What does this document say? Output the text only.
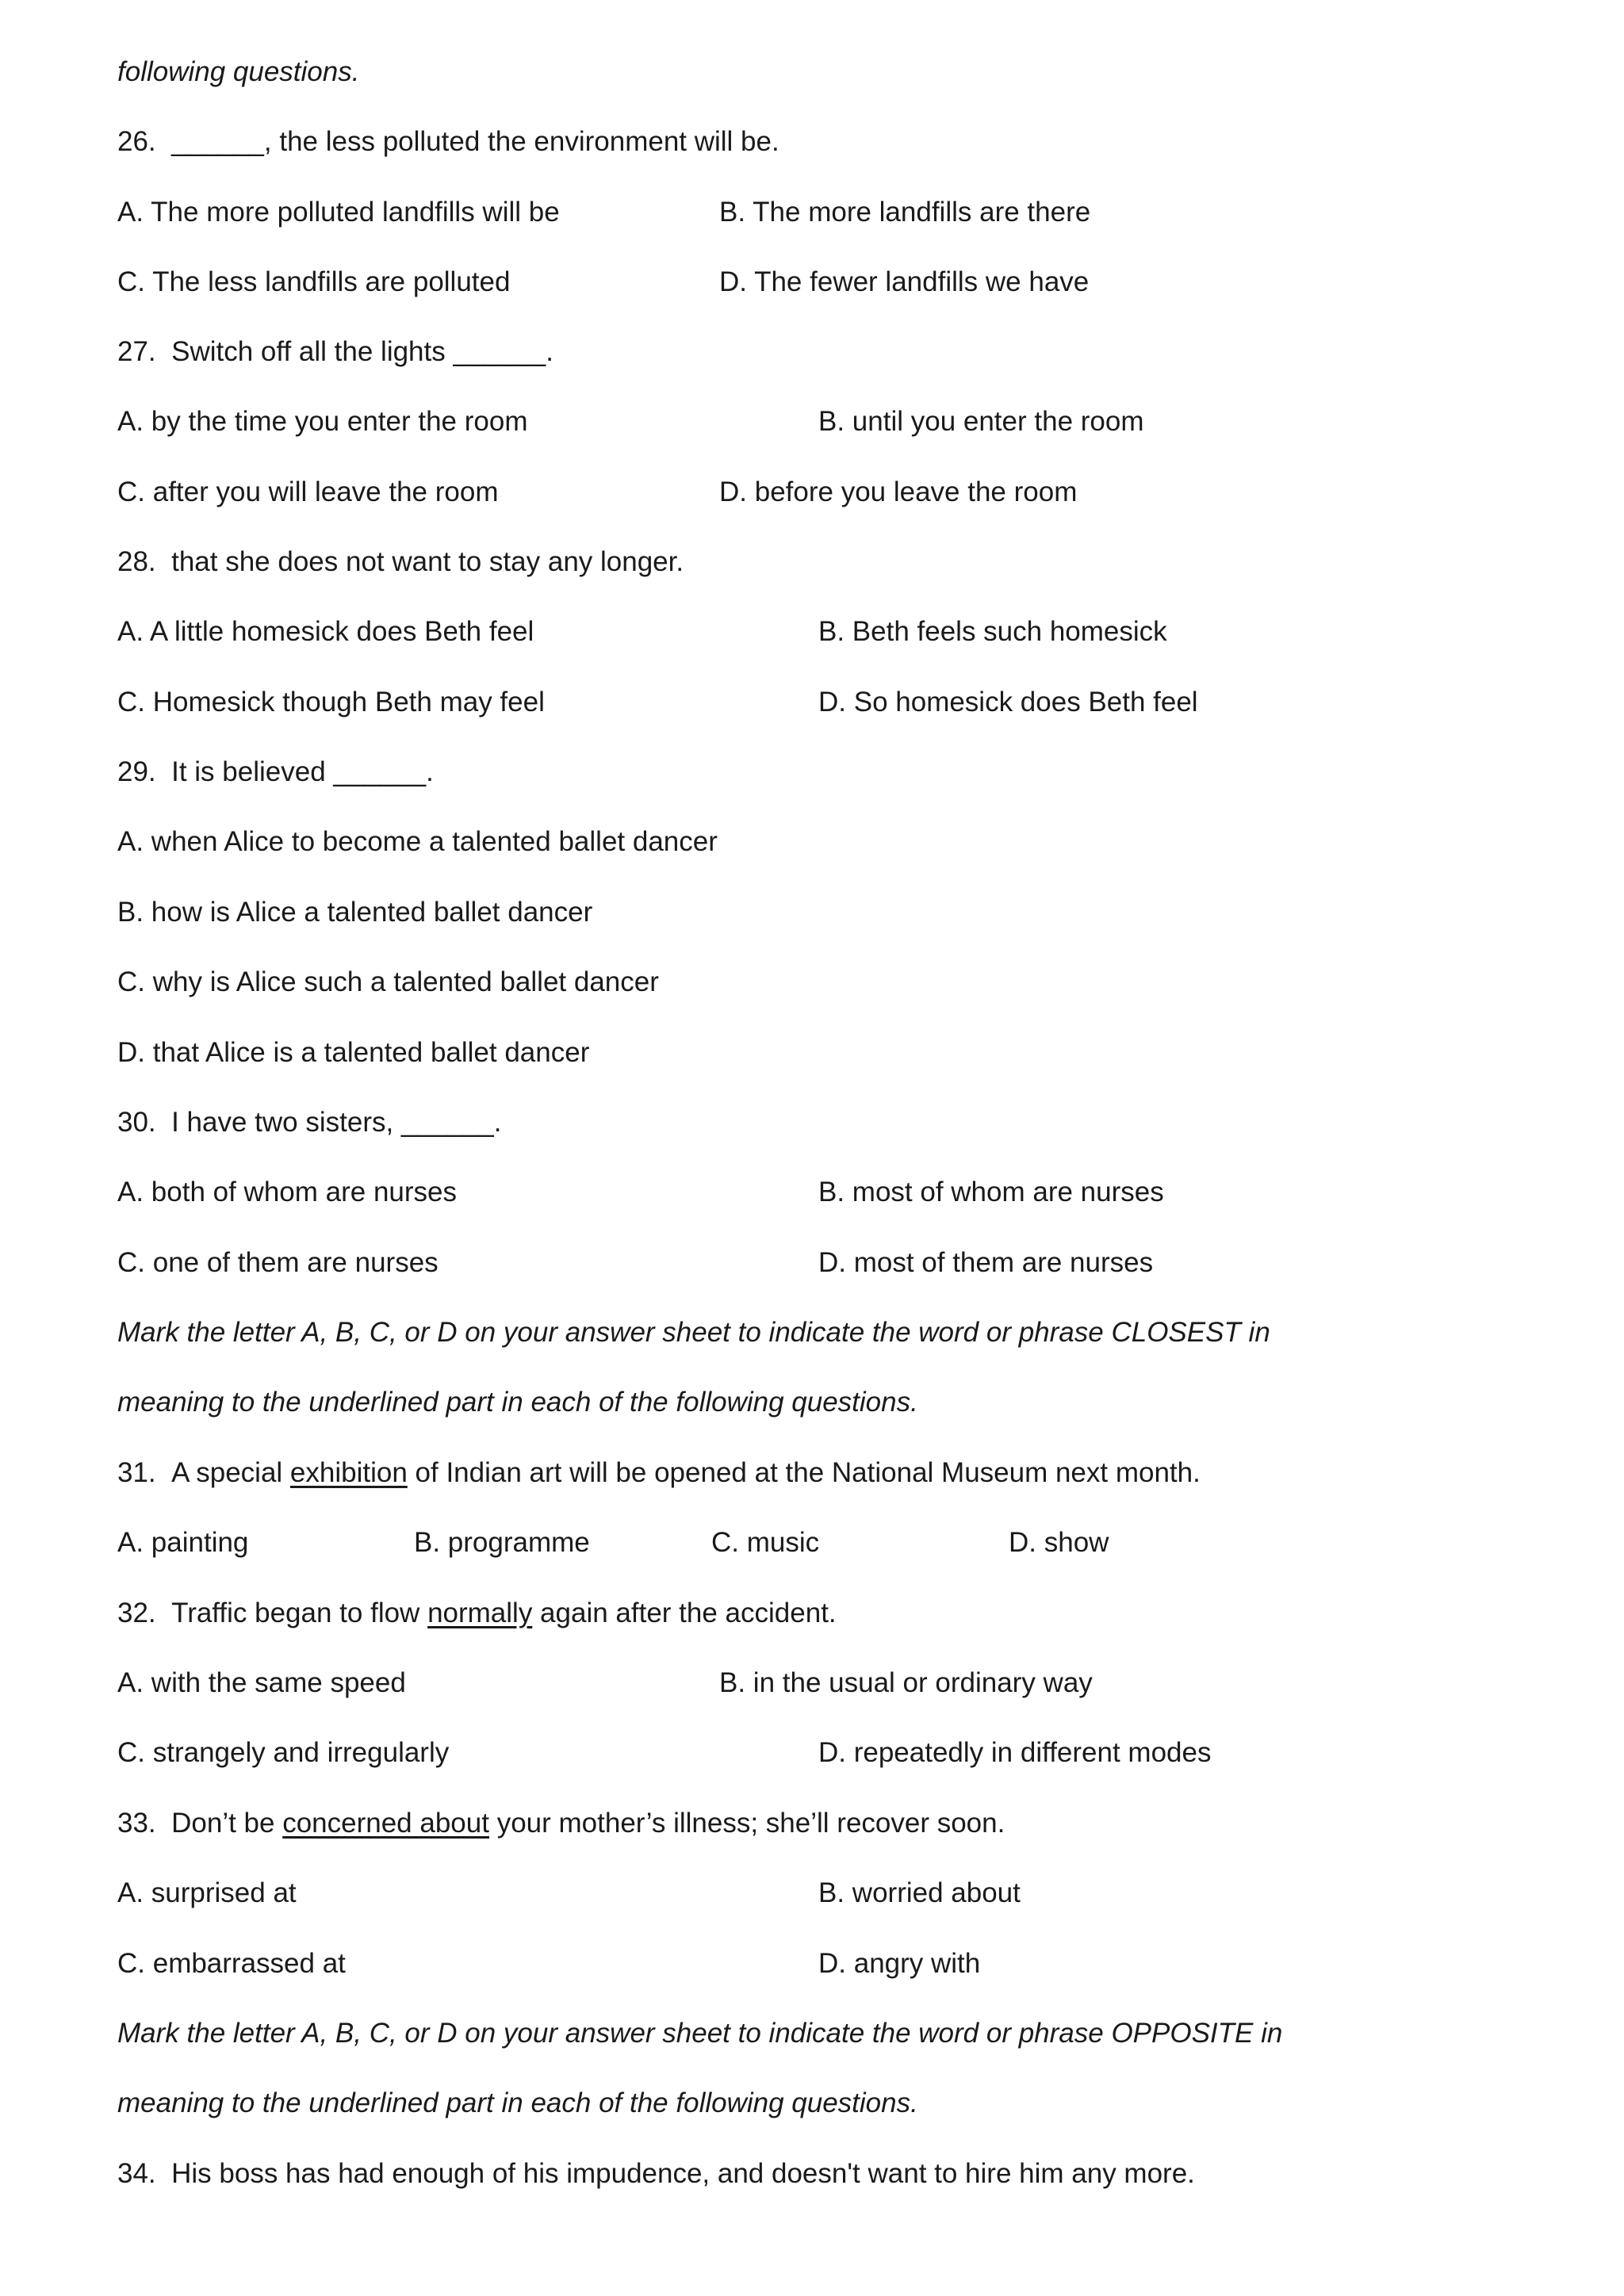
following questions.
26. ______, the less polluted the environment will be.
A. The more polluted landfills will be	B. The more landfills are there
C. The less landfills are polluted	D. The fewer landfills we have
27. Switch off all the lights ______.
A. by the time you enter the room	B. until you enter the room
C. after you will leave the room	D. before you leave the room
28. that she does not want to stay any longer.
A. A little homesick does Beth feel	B. Beth feels such homesick
C. Homesick though Beth may feel	D. So homesick does Beth feel
29. It is believed ______.
A. when Alice to become a talented ballet dancer
B. how is Alice a talented ballet dancer
C. why is Alice such a talented ballet dancer
D. that Alice is a talented ballet dancer
30. I have two sisters, ______.
A. both of whom are nurses	B. most of whom are nurses
C. one of them are nurses	D. most of them are nurses
Mark the letter A, B, C, or D on your answer sheet to indicate the word or phrase CLOSEST in
meaning to the underlined part in each of the following questions.
31. A special exhibition of Indian art will be opened at the National Museum next month.
A. painting	B. programme	C. music	D. show
32. Traffic began to flow normally again after the accident.
A. with the same speed	B. in the usual or ordinary way
C. strangely and irregularly	D. repeatedly in different modes
33. Don’t be concerned about your mother’s illness; she’ll recover soon.
A. surprised at	B. worried about
C. embarrassed at	D. angry with
Mark the letter A, B, C, or D on your answer sheet to indicate the word or phrase OPPOSITE in
meaning to the underlined part in each of the following questions.
34. His boss has had enough of his impudence, and doesn't want to hire him any more.
